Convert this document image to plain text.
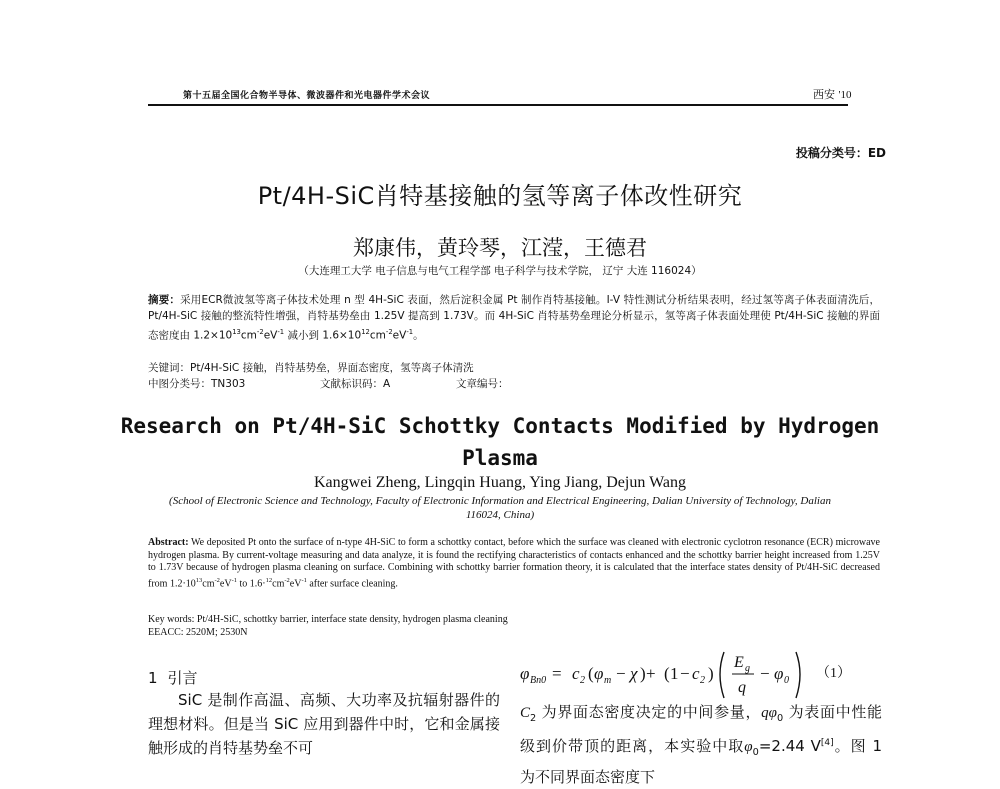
第十五届全国化合物半导体、微波器件和光电器件学术会议	西安 '10
投稿分类号：ED
Pt/4H-SiC肖特基接触的氢等离子体改性研究
郑康伟，黄玲琴，江滢，王德君
（大连理工大学 电子信息与电气工程学部 电子科学与技术学院， 辽宁 大连 116024）
摘要：采用ECR微波氢等离子体技术处理 n 型 4H-SiC 表面，然后淀积金属 Pt 制作肖特基接触。I-V 特性测试分析结果表明，经过氢等离子体表面清洗后，Pt/4H-SiC 接触的整流特性增强，肖特基势垒由 1.25V 提高到 1.73V。而 4H-SiC 肖特基势垒理论分析显示，氢等离子体表面处理使 Pt/4H-SiC 接触的界面态密度由 $1.2\times 10^{13}cm^{-2}eV^{-1}$ 减小到 $1.6\times 10^{12}cm^{-2}eV^{-1}$。
关键词：Pt/4H-SiC 接触，肖特基势垒，界面态密度，氢等离子体清洗
中图分类号：TN303	文献标识码：A	文章编号：
Research on Pt/4H-SiC Schottky Contacts Modified by Hydrogen
Plasma
Kangwei Zheng, Lingqin Huang, Ying Jiang, Dejun Wang
(School of Electronic Science and Technology, Faculty of Electronic Information and Electrical Engineering, Dalian University of Technology, Dalian 116024, China)
Abstract: We deposited Pt onto the surface of n-type 4H-SiC to form a schottky contact, before which the surface was cleaned with electronic cyclotron resonance (ECR) microwave hydrogen plasma. By current-voltage measuring and data analyze, it is found the rectifying characteristics of contacts enhanced and the schottky barrier height increased from 1.25V to 1.73V because of hydrogen plasma cleaning on surface. Combining with schottky barrier formation theory, it is calculated that the interface states density of Pt/4H-SiC decreased from $1.2\cdot 10^{13}cm^{-2}eV^{-1}$ to $1.6\cdot^{12}cm^{-2}eV^{-1}$ after surface cleaning.
Key words: Pt/4H-SiC, schottky barrier, interface state density, hydrogen plasma cleaning
EEACC: 2520M; 2530N
1 引言
SiC 是制作高温、高频、大功率及抗辐射器件的理想材料。但是当 SiC 应用到器件中时，它和金属接触形成的肖特基势垒不可
φ Bn0 = c 2 ( φ m − χ ) + ( 1 − c 2 )
E g
q
− φ 0 （1）
$C_2$ 为界面态密度决定的中间参量，$q\varphi_0$ 为表面中性能级到价带顶的距离，本实验中取$\varphi_0=2.44$ V[4]。图 1 为不同界面态密度下
